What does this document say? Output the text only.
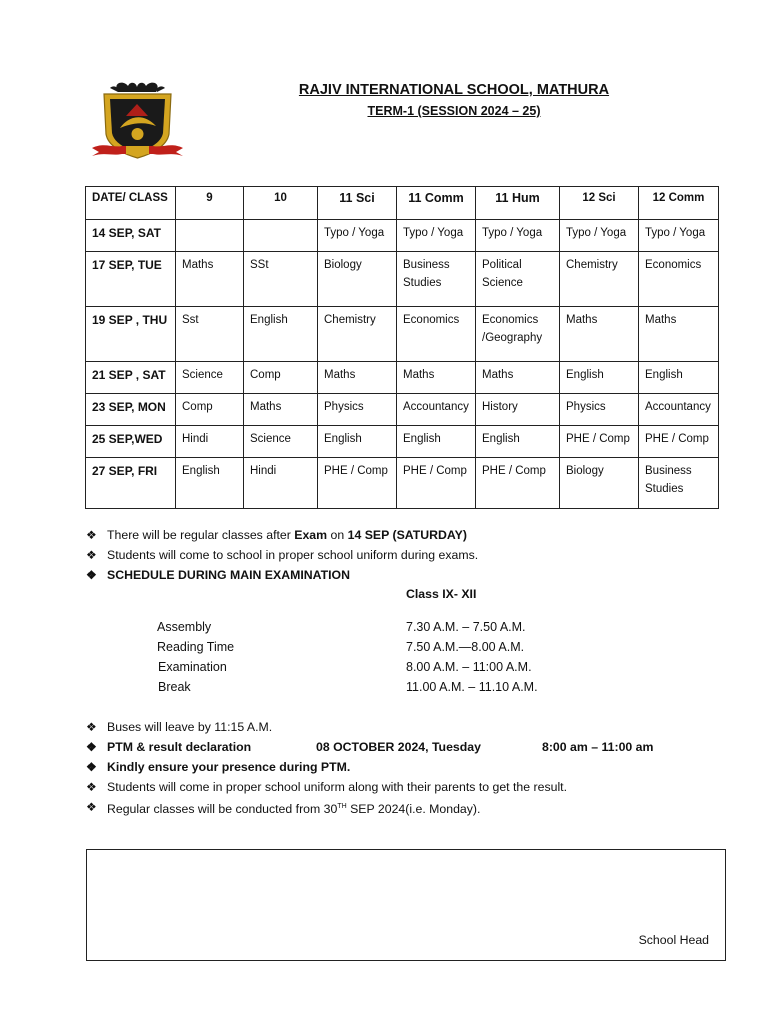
RAJIV INTERNATIONAL SCHOOL, MATHURA
TERM-1 (SESSION 2024 – 25)
DATE/ CLASS	9	10	11 Sci	11 Comm	11 Hum	12 Sci	12 Comm
14 SEP, SAT			Typo / Yoga	Typo / Yoga	Typo / Yoga	Typo / Yoga	Typo / Yoga
17 SEP, TUE	Maths	SSt	Biology	Business Studies	Political Science	Chemistry	Economics
19 SEP , THU	Sst	English	Chemistry	Economics	Economics /Geography	Maths	Maths
21 SEP , SAT	Science	Comp	Maths	Maths	Maths	English	English
23 SEP, MON	Comp	Maths	Physics	Accountancy	History	Physics	Accountancy
25 SEP,WED	Hindi	Science	English	English	English	PHE / Comp	PHE / Comp
27 SEP, FRI	English	Hindi	PHE / Comp	PHE / Comp	PHE / Comp	Biology	Business Studies
❖ There will be regular classes after Exam on 14 SEP (SATURDAY)
❖ Students will come to school in proper school uniform during exams.
❖ SCHEDULE DURING MAIN EXAMINATION
Class IX- XII
Assembly	7.30 A.M. – 7.50 A.M.
Reading Time	7.50 A.M.—8.00 A.M.
Examination	8.00 A.M. – 11:00 A.M.
Break	11.00 A.M. – 11.10 A.M.
❖ Buses will leave by 11:15 A.M.
❖ PTM & result declaration	08 OCTOBER 2024, Tuesday	8:00 am – 11:00 am
❖ Kindly ensure your presence during PTM.
❖ Students will come in proper school uniform along with their parents to get the result.
❖ Regular classes will be conducted from 30TH SEP 2024(i.e. Monday).
School Head
